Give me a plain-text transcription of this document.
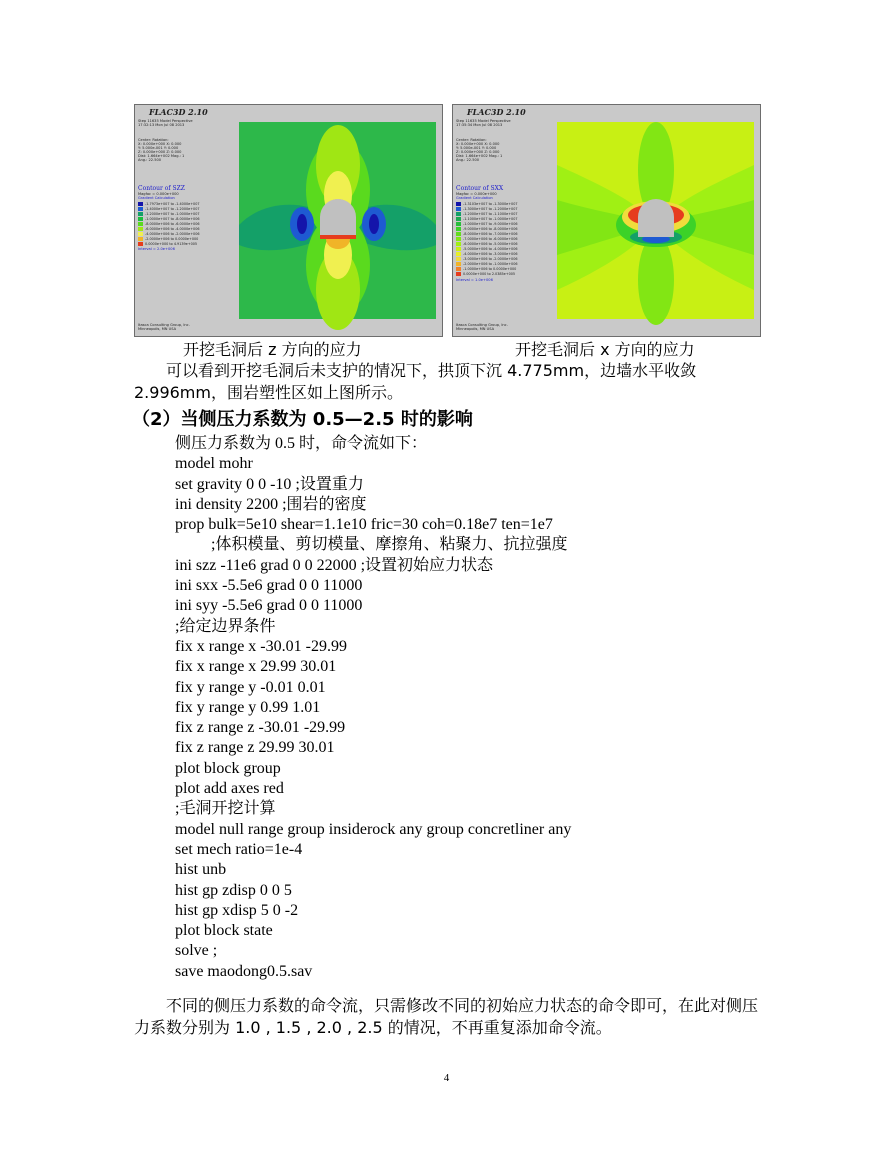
FLAC3D 2.10
Step 11635 Model Perspective
17:32:13 Mon Jul 08 2013
Center: Rotation:
X: 0.000e+000 X: 0.000
Y: 5.000e-001 Y: 0.000
Z: 0.000e+000 Z: 0.000
Dist: 1.664e+002 Mag.: 1
Ang.: 22.500
Contour of SZZ
Magfac = 0.000e+000
Gradient Calculation
-1.7973e+007 to -1.4000e+007
-1.4000e+007 to -1.2000e+007
-1.2000e+007 to -1.0000e+007
-1.0000e+007 to -8.0000e+006
-8.0000e+006 to -6.0000e+006
-6.0000e+006 to -4.0000e+006
-4.0000e+006 to -2.0000e+006
-2.0000e+006 to 0.0000e+000
0.0000e+000 to 4.9139e+005
Interval = 2.0e+006
Itasca Consulting Group, Inc.
Minneapolis, MN USA
FLAC3D 2.10
Step 11635 Model Perspective
17:35:34 Mon Jul 08 2013
Center: Rotation:
X: 0.000e+000 X: 0.000
Y: 5.000e-001 Y: 0.000
Z: 0.000e+000 Z: 0.000
Dist: 1.664e+002 Mag.: 1
Ang.: 22.500
Contour of SXX
Magfac = 0.000e+000
Gradient Calculation
-1.3103e+007 to -1.3000e+007
-1.3000e+007 to -1.2000e+007
-1.2000e+007 to -1.1000e+007
-1.1000e+007 to -1.0000e+007
-1.0000e+007 to -9.0000e+006
-9.0000e+006 to -8.0000e+006
-8.0000e+006 to -7.0000e+006
-7.0000e+006 to -6.0000e+006
-6.0000e+006 to -5.0000e+006
-5.0000e+006 to -4.0000e+006
-4.0000e+006 to -3.0000e+006
-3.0000e+006 to -2.0000e+006
-2.0000e+006 to -1.0000e+006
-1.0000e+006 to 0.0000e+000
0.0000e+000 to 2.0385e+005
Interval = 1.0e+006
Itasca Consulting Group, Inc.
Minneapolis, MN USA
开挖毛洞后 z 方向的应力	开挖毛洞后 x 方向的应力
可以看到开挖毛洞后未支护的情况下，拱顶下沉 4.775mm，边墙水平收敛 2.996mm，围岩塑性区如上图所示。
（2）当侧压力系数为 0.5—2.5 时的影响
侧压力系数为 0.5 时，命令流如下：
model mohr
set gravity 0 0 -10 ;设置重力
ini density 2200 ;围岩的密度
prop bulk=5e10 shear=1.1e10 fric=30 coh=0.18e7 ten=1e7
;体积模量、剪切模量、摩擦角、粘聚力、抗拉强度
ini szz -11e6 grad 0 0 22000 ;设置初始应力状态
ini sxx -5.5e6 grad 0 0 11000
ini syy -5.5e6 grad 0 0 11000
;给定边界条件
fix x range x -30.01 -29.99
fix x range x 29.99 30.01
fix y range y -0.01 0.01
fix y range y 0.99 1.01
fix z range z -30.01 -29.99
fix z range z 29.99 30.01
plot block group
plot add axes red
;毛洞开挖计算
model null range group insiderock any group concretliner any
set mech ratio=1e-4
hist unb
hist gp zdisp 0 0 5
hist gp xdisp 5 0 -2
plot block state
solve ;
save maodong0.5.sav
不同的侧压力系数的命令流，只需修改不同的初始应力状态的命令即可，在此对侧压力系数分别为 1.0 , 1.5 , 2.0 , 2.5 的情况，不再重复添加命令流。
4
